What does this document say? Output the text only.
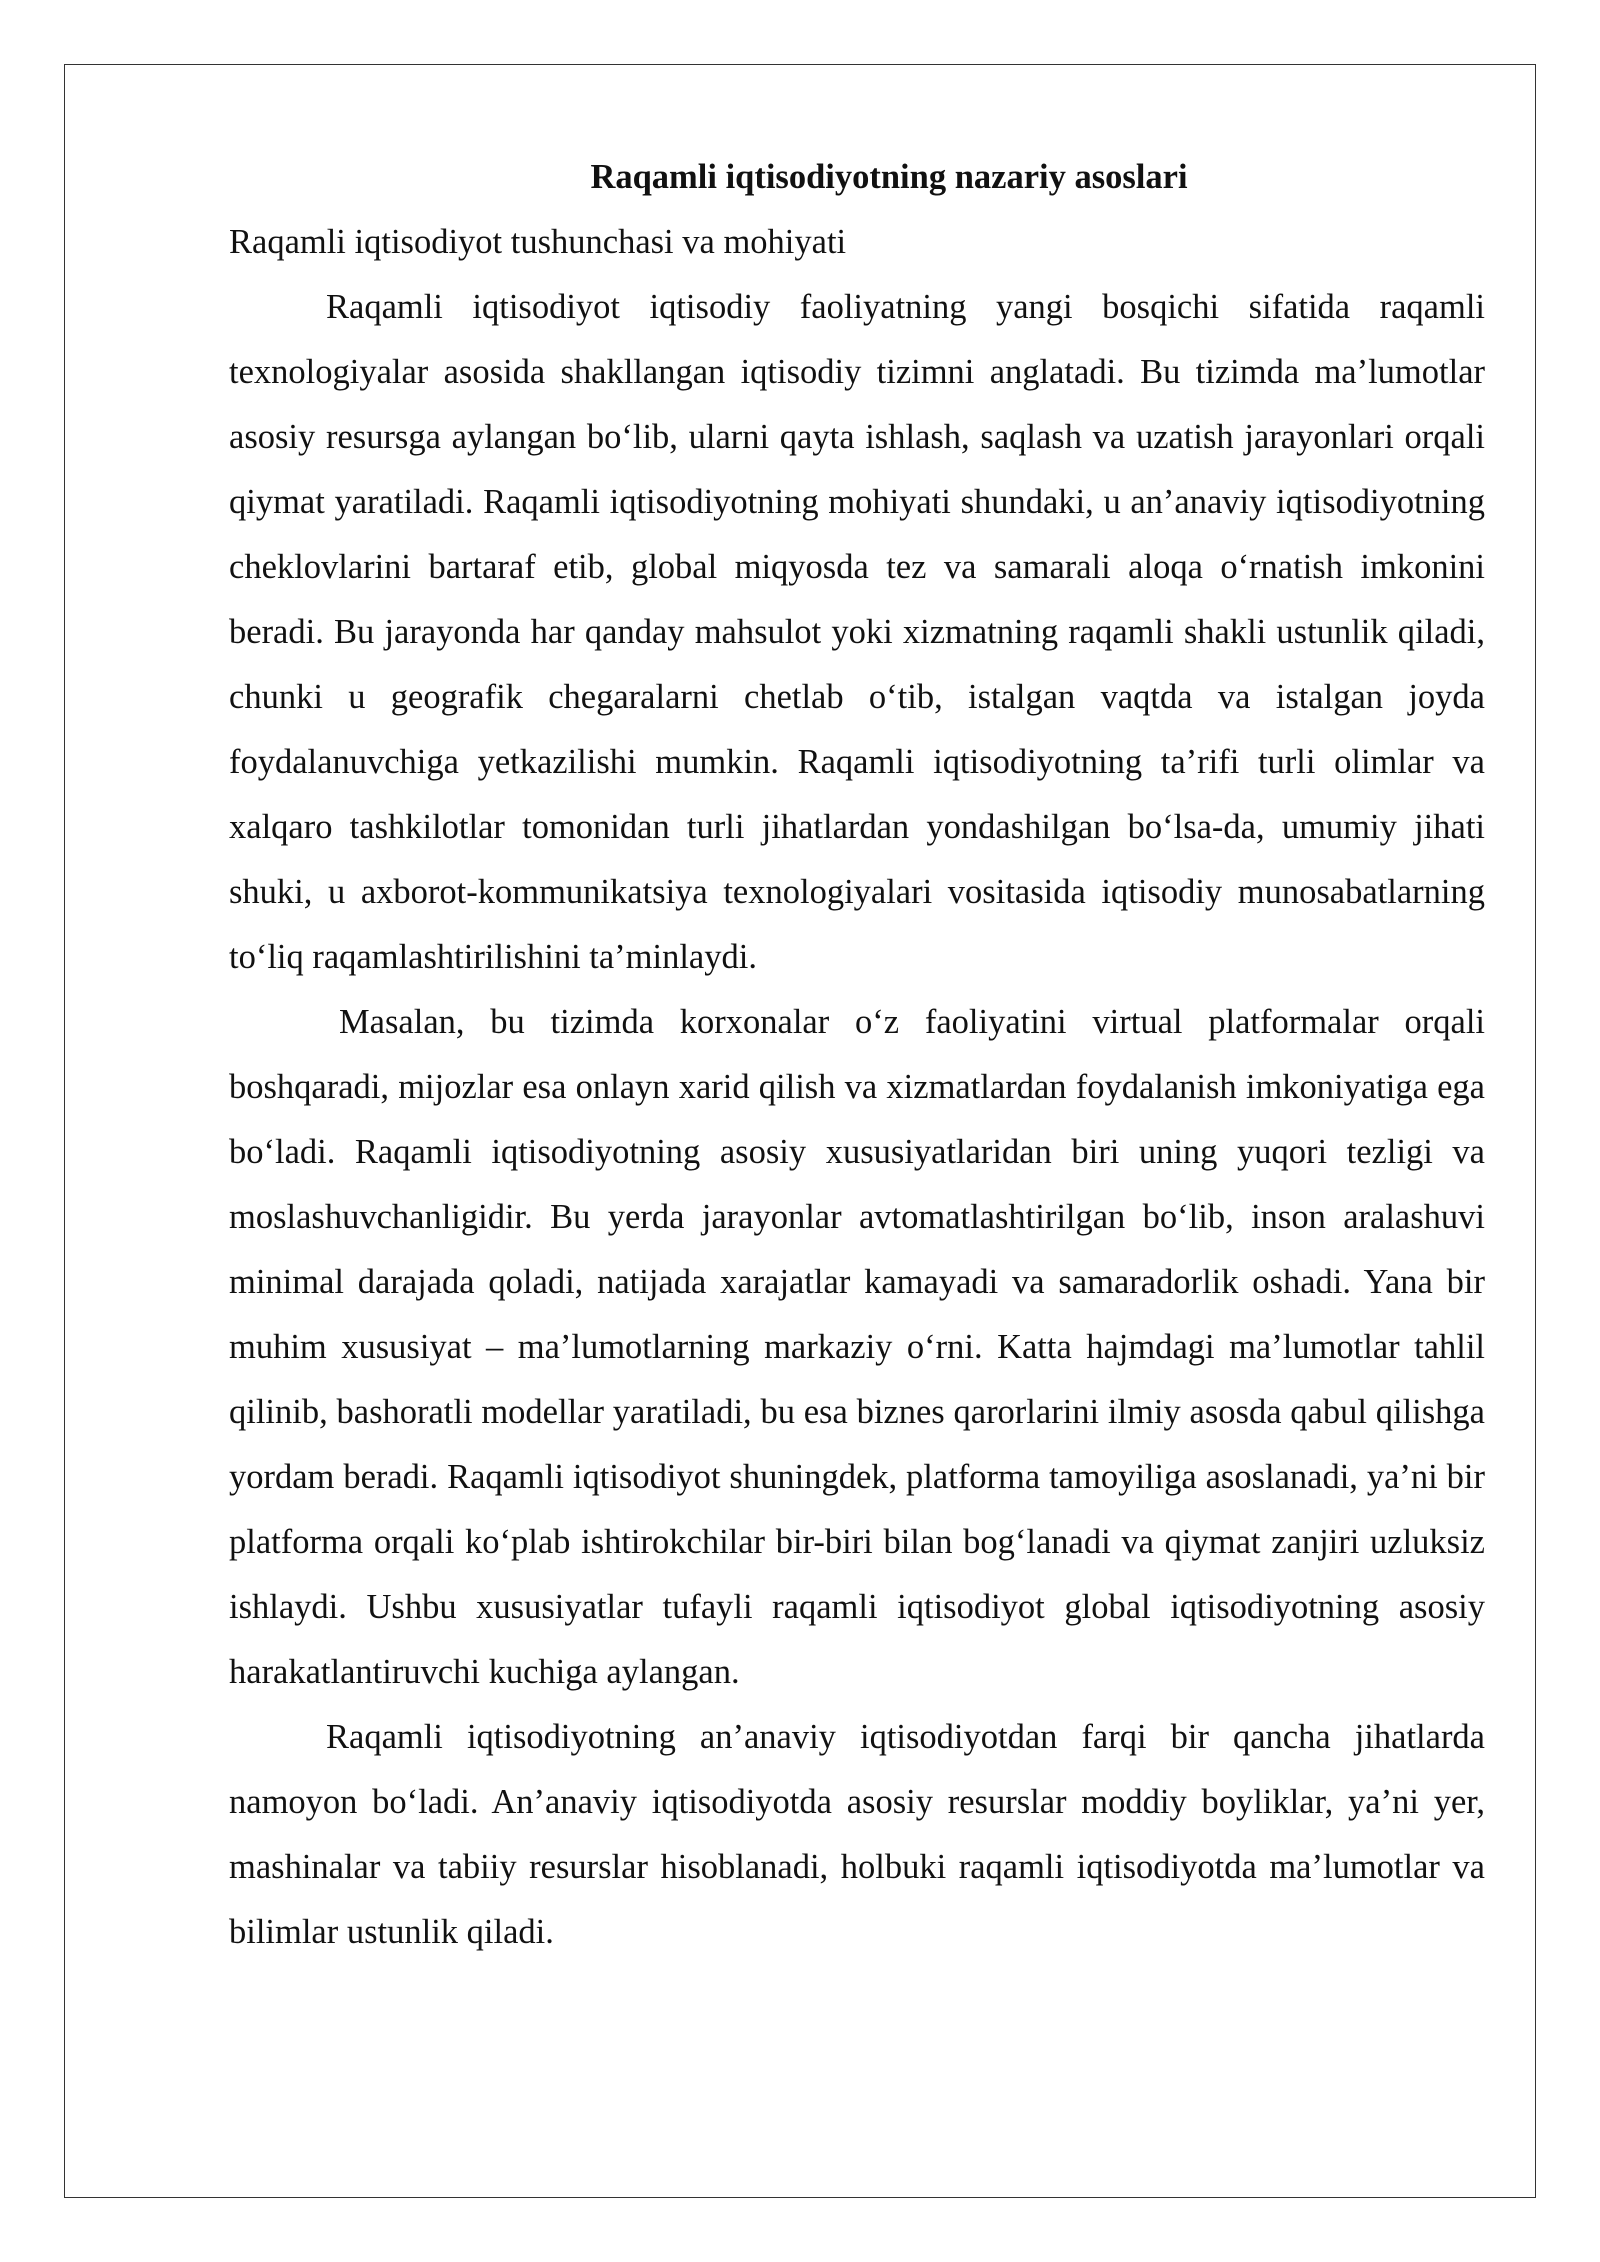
Raqamli iqtisodiyotning nazariy asoslari

Raqamli iqtisodiyot tushunchasi va mohiyati

Raqamli iqtisodiyot iqtisodiy faoliyatning yangi bosqichi sifatida raqamli texnologiyalar asosida shakllangan iqtisodiy tizimni anglatadi. Bu tizimda ma’lumotlar asosiy resursga aylangan bo‘lib, ularni qayta ishlash, saqlash va uzatish jarayonlari orqali qiymat yaratiladi. Raqamli iqtisodiyotning mohiyati shundaki, u an’anaviy iqtisodiyotning cheklovlarini bartaraf etib, global miqyosda tez va samarali aloqa o‘rnatish imkonini beradi. Bu jarayonda har qanday mahsulot yoki xizmatning raqamli shakli ustunlik qiladi, chunki u geografik chegaralarni chetlab o‘tib, istalgan vaqtda va istalgan joyda foydalanuvchiga yetkazilishi mumkin. Raqamli iqtisodiyotning ta’rifi turli olimlar va xalqaro tashkilotlar tomonidan turli jihatlardan yondashilgan bo‘lsa-da, umumiy jihati shuki, u axborot-kommunikatsiya texnologiyalari vositasida iqtisodiy munosabatlarning to‘liq raqamlashtirilishini ta’minlaydi.

Masalan, bu tizimda korxonalar o‘z faoliyatini virtual platformalar orqali boshqaradi, mijozlar esa onlayn xarid qilish va xizmatlardan foydalanish imkoniyatiga ega bo‘ladi. Raqamli iqtisodiyotning asosiy xususiyatlaridan biri uning yuqori tezligi va moslashuvchanligidir. Bu yerda jarayonlar avtomatlashtirilgan bo‘lib, inson aralashuvi minimal darajada qoladi, natijada xarajatlar kamayadi va samaradorlik oshadi. Yana bir muhim xususiyat – ma’lumotlarning markaziy o‘rni. Katta hajmdagi ma’lumotlar tahlil qilinib, bashoratli modellar yaratiladi, bu esa biznes qarorlarini ilmiy asosda qabul qilishga yordam beradi. Raqamli iqtisodiyot shuningdek, platforma tamoyiliga asoslanadi, ya’ni bir platforma orqali ko‘plab ishtirokchilar bir-biri bilan bog‘lanadi va qiymat zanjiri uzluksiz ishlaydi. Ushbu xususiyatlar tufayli raqamli iqtisodiyot global iqtisodiyotning asosiy harakatlantiruvchi kuchiga aylangan.

Raqamli iqtisodiyotning an’anaviy iqtisodiyotdan farqi bir qancha jihatlarda namoyon bo‘ladi. An’anaviy iqtisodiyotda asosiy resurslar moddiy boyliklar, ya’ni yer, mashinalar va tabiiy resurslar hisoblanadi, holbuki raqamli iqtisodiyotda ma’lumotlar va bilimlar ustunlik qiladi.
